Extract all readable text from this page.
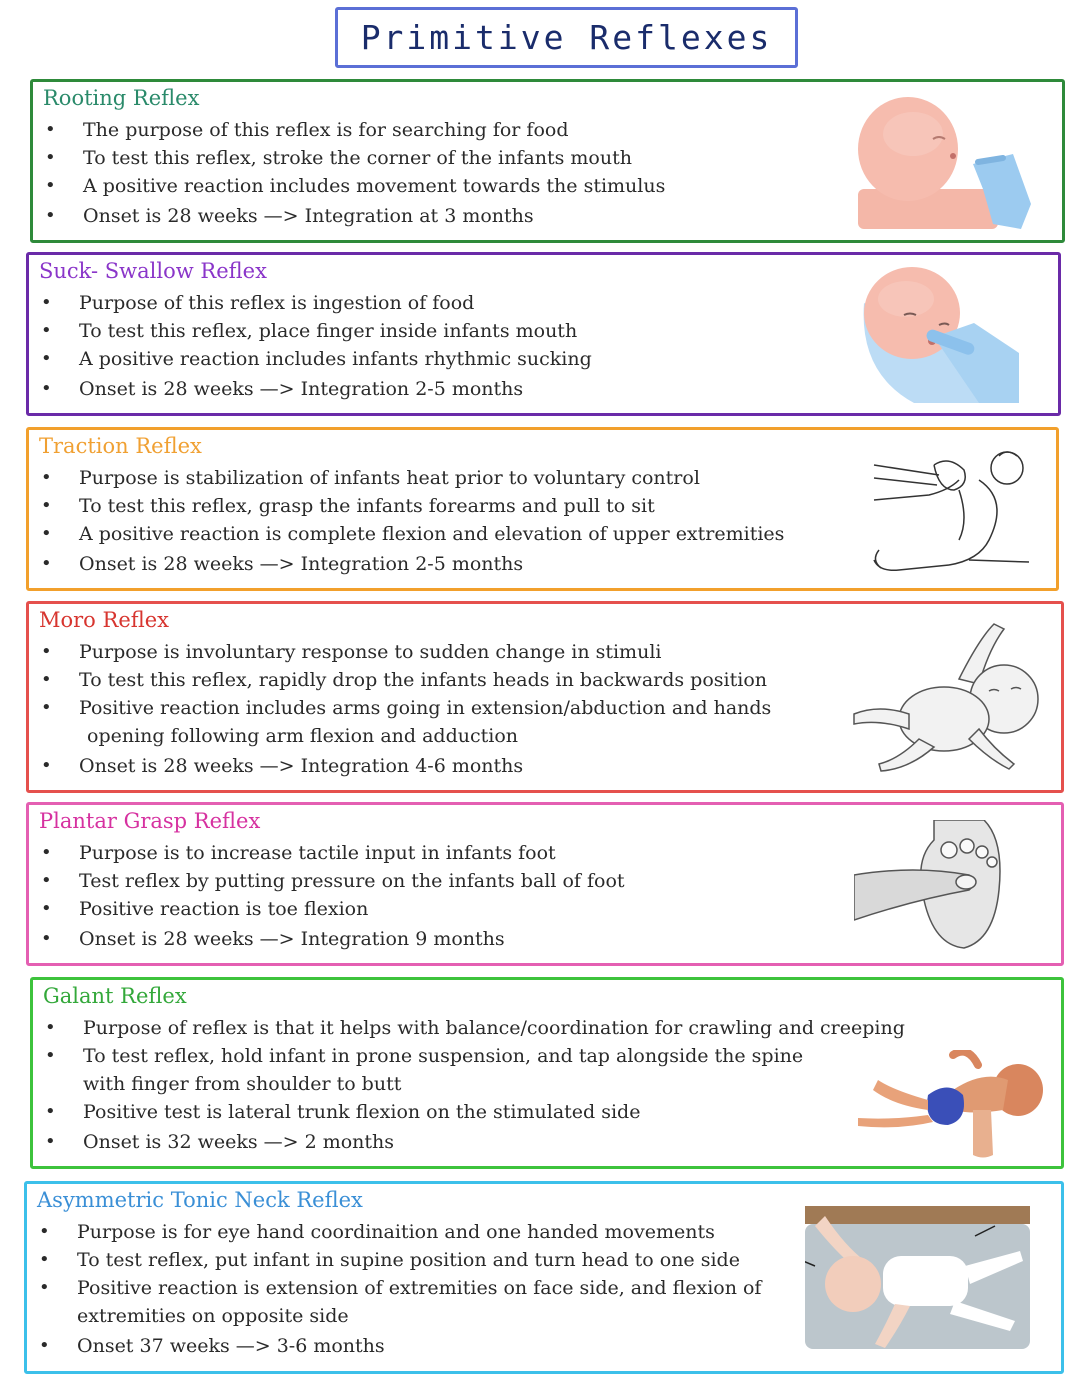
Primitive Reflexes
Rooting Reflex
• The purpose of this reflex is for searching for food
• To test this reflex, stroke the corner of the infants mouth
• A positive reaction includes movement towards the stimulus
• Onset is 28 weeks —> Integration at 3 months
Suck- Swallow Reflex
• Purpose of this reflex is ingestion of food
• To test this reflex, place finger inside infants mouth
• A positive reaction includes infants rhythmic sucking
• Onset is 28 weeks —> Integration 2-5 months
Traction Reflex
• Purpose is stabilization of infants heat prior to voluntary control
• To test this reflex, grasp the infants forearms and pull to sit
• A positive reaction is complete flexion and elevation of upper extremities
• Onset is 28 weeks —> Integration 2-5 months
Moro Reflex
• Purpose is involuntary response to sudden change in stimuli
• To test this reflex, rapidly drop the infants heads in backwards position
• Positive reaction includes arms going in extension/abduction and hands
opening following arm flexion and adduction
• Onset is 28 weeks —> Integration 4-6 months
Plantar Grasp Reflex
• Purpose is to increase tactile input in infants foot
• Test reflex by putting pressure on the infants ball of foot
• Positive reaction is toe flexion
• Onset is 28 weeks —> Integration 9 months
Galant Reflex
• Purpose of reflex is that it helps with balance/coordination for crawling and creeping
• To test reflex, hold infant in prone suspension, and tap alongside the spine
with finger from shoulder to butt
• Positive test is lateral trunk flexion on the stimulated side
• Onset is 32 weeks —> 2 months
Asymmetric Tonic Neck Reflex
• Purpose is for eye hand coordinaition and one handed movements
• To test reflex, put infant in supine position and turn head to one side
• Positive reaction is extension of extremities on face side, and flexion of
extremities on opposite side
• Onset 37 weeks —> 3-6 months
